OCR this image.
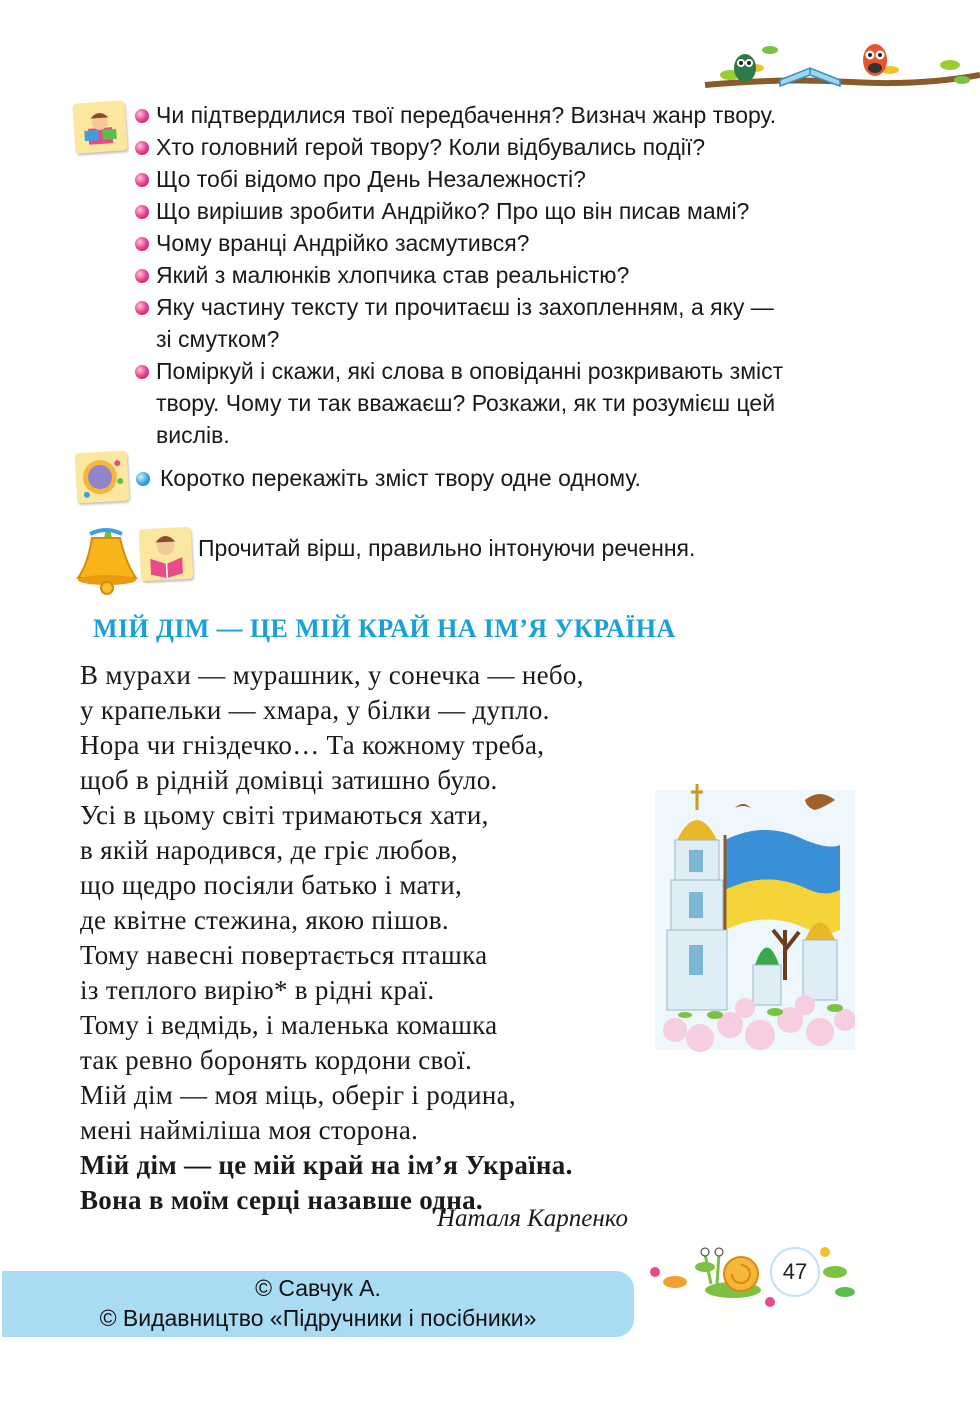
Чи підтвердилися твої передбачення? Визнач жанр твору.
Хто головний герой твору? Коли відбувались події?
Що тобі відомо про День Незалежності?
Що вирішив зробити Андрійко? Про що він писав мамі?
Чому вранці Андрійко засмутився?
Який з малюнків хлопчика став реальністю?
Яку частину тексту ти прочитаєш із захопленням, а яку —
зі смутком?
Поміркуй і скажи, які слова в оповіданні розкривають зміст
твору. Чому ти так вважаєш? Розкажи, як ти розумієш цей
вислів.
Коротко перекажіть зміст твору одне одному.
Прочитай вірш, правильно інтонуючи речення.
МІЙ ДІМ — ЦЕ МІЙ КРАЙ НА ІМ’Я УКРАЇНА
В мурахи — мурашник, у сонечка — небо,
у крапельки — хмара, у білки — дупло.
Нора чи гніздечко… Та кожному треба,
щоб в рідній домівці затишно було.
Усі в цьому світі тримаються хати,
в якій народився, де гріє любов,
що щедро посіяли батько і мати,
де квітне стежина, якою пішов.
Тому навесні повертається пташка
із теплого вирію* в рідні краї.
Тому і ведмідь, і маленька комашка
так ревно боронять кордони свої.
Мій дім — моя міць, оберіг і родина,
мені найміліша моя сторона.
Мій дім — це мій край на ім’я Україна.
Вона в моїм серці назавше одна.
Наталя Карпенко
© Савчук А.
© Видавництво «Підручники і посібники»
47
